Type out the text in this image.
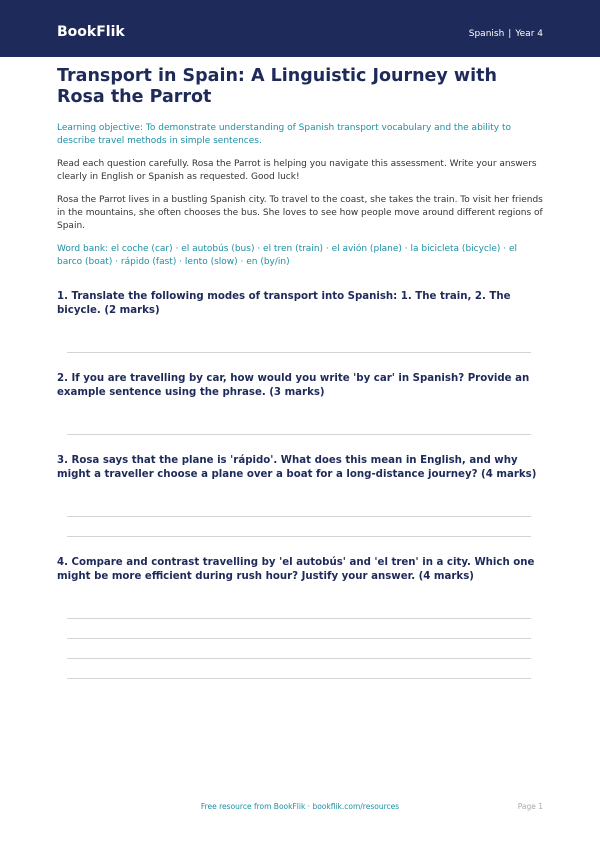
BookFlik	Spanish | Year 4
Transport in Spain: A Linguistic Journey with Rosa the Parrot

Learning objective: To demonstrate understanding of Spanish transport vocabulary and the ability to describe travel methods in simple sentences.

Read each question carefully. Rosa the Parrot is helping you navigate this assessment. Write your answers clearly in English or Spanish as requested. Good luck!

Rosa the Parrot lives in a bustling Spanish city. To travel to the coast, she takes the train. To visit her friends in the mountains, she often chooses the bus. She loves to see how people move around different regions of Spain.

Word bank: el coche (car) · el autobús (bus) · el tren (train) · el avión (plane) · la bicicleta (bicycle) · el barco (boat) · rápido (fast) · lento (slow) · en (by/in)

1. Translate the following modes of transport into Spanish: 1. The train, 2. The bicycle. (2 marks)
2. If you are travelling by car, how would you write 'by car' in Spanish? Provide an example sentence using the phrase. (3 marks)
3. Rosa says that the plane is 'rápido'. What does this mean in English, and why might a traveller choose a plane over a boat for a long-distance journey? (4 marks)
4. Compare and contrast travelling by 'el autobús' and 'el tren' in a city. Which one might be more efficient during rush hour? Justify your answer. (4 marks)
Free resource from BookFlik · bookflik.com/resources	Page 1
